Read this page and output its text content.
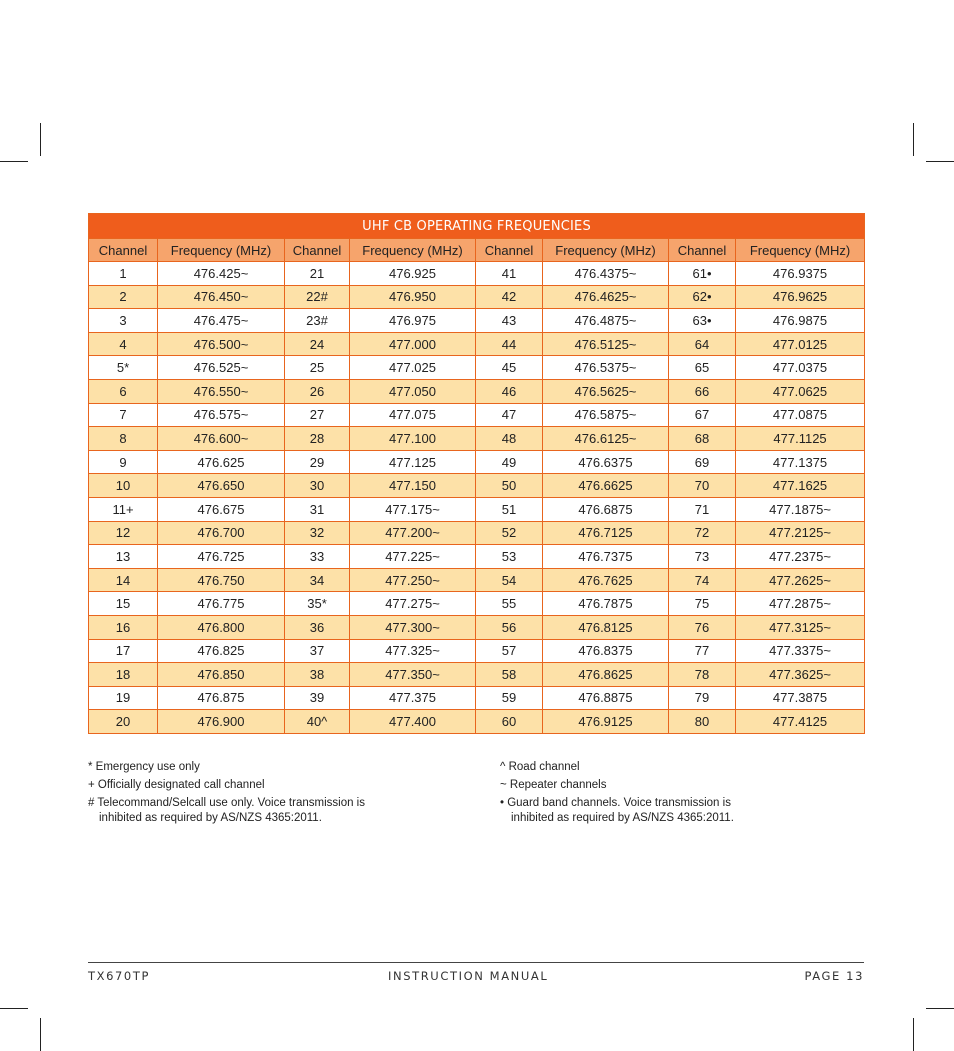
UHF CB OPERATING FREQUENCIES							
Channel	Frequency (MHz)	Channel	Frequency (MHz)	Channel	Frequency (MHz)	Channel	Frequency (MHz)
1	476.425~	21	476.925	41	476.4375~	61•	476.9375
2	476.450~	22#	476.950	42	476.4625~	62•	476.9625
3	476.475~	23#	476.975	43	476.4875~	63•	476.9875
4	476.500~	24	477.000	44	476.5125~	64	477.0125
5*	476.525~	25	477.025	45	476.5375~	65	477.0375
6	476.550~	26	477.050	46	476.5625~	66	477.0625
7	476.575~	27	477.075	47	476.5875~	67	477.0875
8	476.600~	28	477.100	48	476.6125~	68	477.1125
9	476.625	29	477.125	49	476.6375	69	477.1375
10	476.650	30	477.150	50	476.6625	70	477.1625
11+	476.675	31	477.175~	51	476.6875	71	477.1875~
12	476.700	32	477.200~	52	476.7125	72	477.2125~
13	476.725	33	477.225~	53	476.7375	73	477.2375~
14	476.750	34	477.250~	54	476.7625	74	477.2625~
15	476.775	35*	477.275~	55	476.7875	75	477.2875~
16	476.800	36	477.300~	56	476.8125	76	477.3125~
17	476.825	37	477.325~	57	476.8375	77	477.3375~
18	476.850	38	477.350~	58	476.8625	78	477.3625~
19	476.875	39	477.375	59	476.8875	79	477.3875
20	476.900	40^	477.400	60	476.9125	80	477.4125
* Emergency use only
+ Officially designated call channel
# Telecommand/Selcall use only. Voice transmission is
inhibited as required by AS/NZS 4365:2011.
^ Road channel
~ Repeater channels
• Guard band channels. Voice transmission is
inhibited as required by AS/NZS 4365:2011.
TX670TP	INSTRUCTION MANUAL	PAGE 13
